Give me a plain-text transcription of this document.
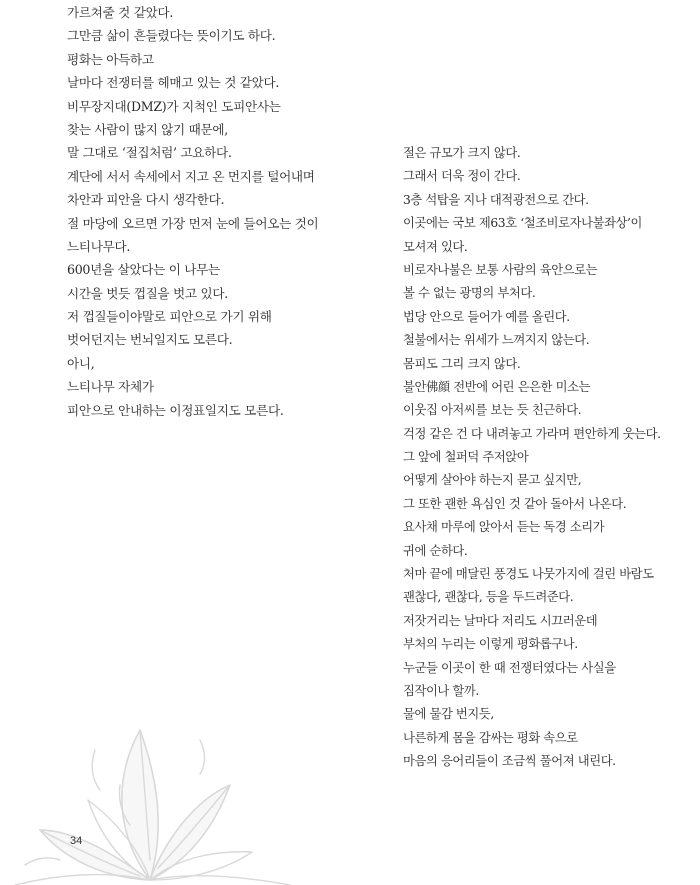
가르쳐줄 것 같았다.
그만큼 삶이 흔들렸다는 뜻이기도 하다.
평화는 아득하고
날마다 전쟁터를 헤매고 있는 것 같았다.
비무장지대(DMZ)가 지척인 도피안사는
찾는 사람이 많지 않기 때문에,
말 그대로 ‘절집처럼’ 고요하다.
계단에 서서 속세에서 지고 온 먼지를 털어내며
차안과 피안을 다시 생각한다.
절 마당에 오르면 가장 먼저 눈에 들어오는 것이
느티나무다.
600년을 살았다는 이 나무는
시간을 벗듯 껍질을 벗고 있다.
저 껍질들이야말로 피안으로 가기 위해
벗어던지는 번뇌일지도 모른다.
아니,
느티나무 자체가
피안으로 안내하는 이정표일지도 모른다.
절은 규모가 크지 않다.
그래서 더욱 정이 간다.
3층 석탑을 지나 대적광전으로 간다.
이곳에는 국보 제63호 ‘철조비로자나불좌상’이
모셔져 있다.
비로자나불은 보통 사람의 육안으로는
볼 수 없는 광명의 부처다.
법당 안으로 들어가 예를 올린다.
철불에서는 위세가 느껴지지 않는다.
몸피도 그리 크지 않다.
불안佛顔 전반에 어린 은은한 미소는
이웃집 아저씨를 보는 듯 친근하다.
걱정 같은 건 다 내려놓고 가라며 편안하게 웃는다.
그 앞에 철퍼덕 주저앉아
어떻게 살아야 하는지 묻고 싶지만,
그 또한 괜한 욕심인 것 같아 돌아서 나온다.
요사채 마루에 앉아서 듣는 독경 소리가
귀에 순하다.
처마 끝에 매달린 풍경도 나뭇가지에 걸린 바람도
괜찮다, 괜찮다, 등을 두드려준다.
저잣거리는 날마다 저리도 시끄러운데
부처의 누리는 이렇게 평화롭구나.
누군들 이곳이 한 때 전쟁터였다는 사실을
짐작이나 할까.
물에 물감 번지듯,
나른하게 몸을 감싸는 평화 속으로
마음의 응어리들이 조금씩 풀어져 내린다.
34
